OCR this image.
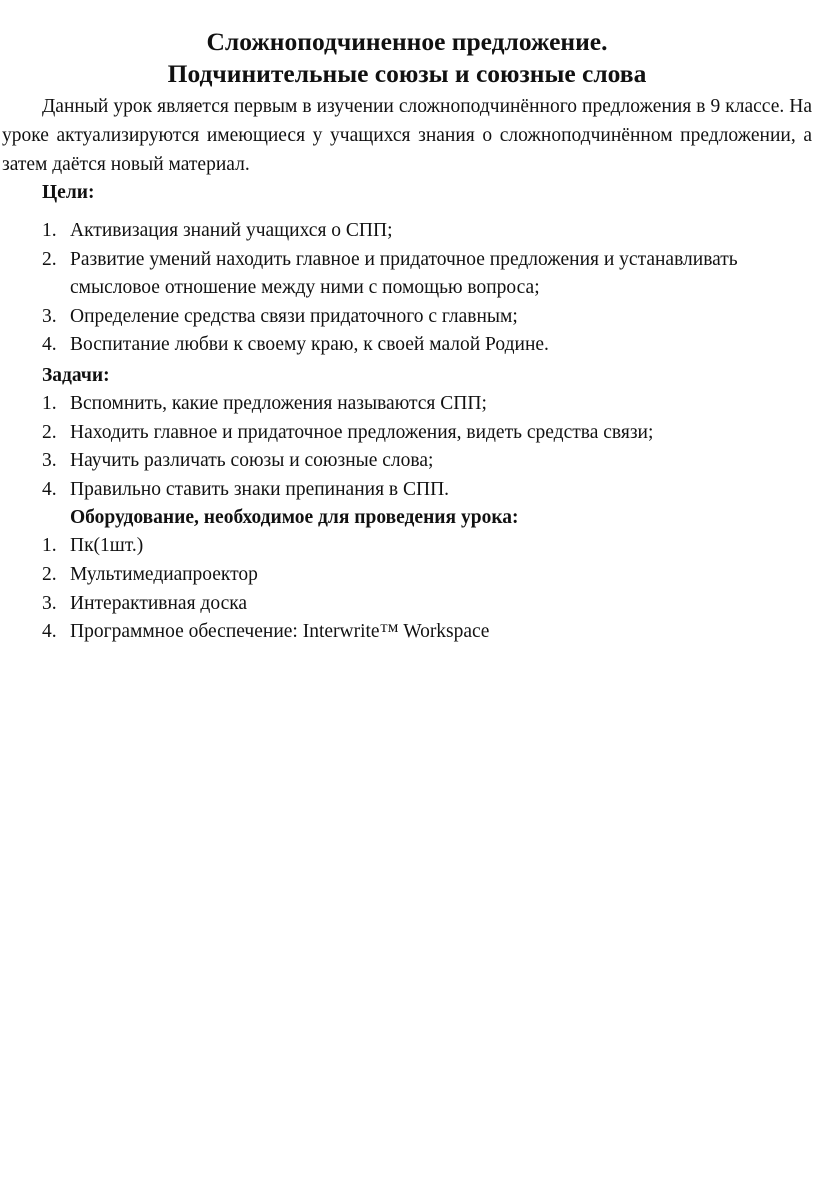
Сложноподчиненное предложение.
Подчинительные союзы и союзные слова

Данный урок является первым в изучении сложноподчинённого предложения в 9 классе. На уроке актуализируются имеющиеся у учащихся знания о сложноподчинённом предложении, а затем даётся новый материал.

Цели:
1. Активизация знаний учащихся о СПП;
2. Развитие умений находить главное и придаточное предложения и устанавливать смысловое отношение между ними с помощью вопроса;
3. Определение средства связи придаточного с главным;
4. Воспитание любви к своему краю, к своей малой Родине.
Задачи:
1. Вспомнить, какие предложения называются СПП;
2. Находить главное и придаточное предложения, видеть средства связи;
3. Научить различать союзы и союзные слова;
4. Правильно ставить знаки препинания в СПП.
Оборудование, необходимое для проведения урока:
1. Пк(1шт.)
2. Мультимедиапроектор
3. Интерактивная доска
4. Программное обеспечение: Interwrite™ Workspace
